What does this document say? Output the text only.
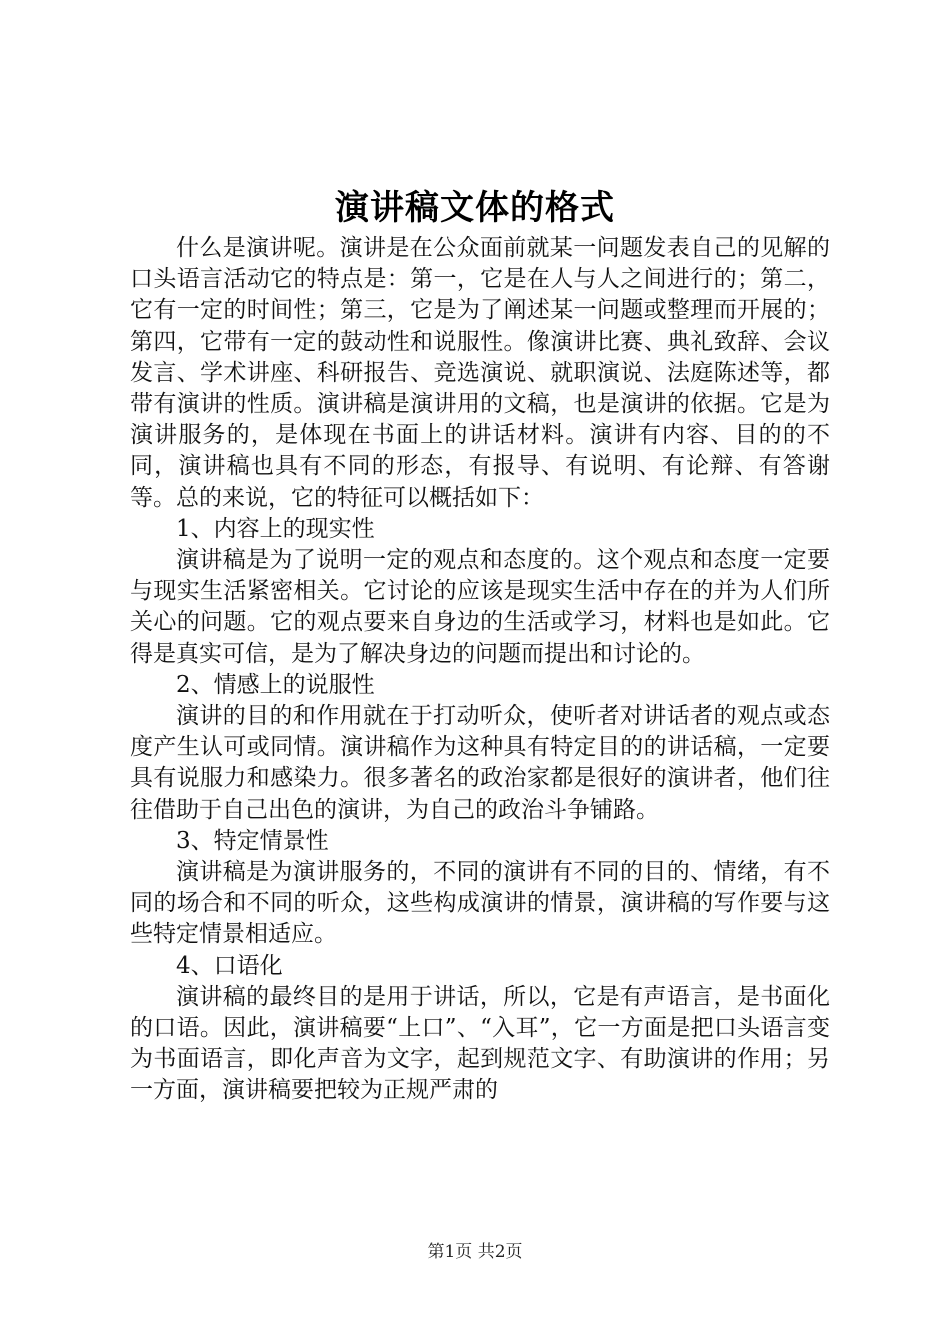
演讲稿文体的格式

什么是演讲呢。演讲是在公众面前就某一问题发表自己的见解的口头语言活动它的特点是：第一，它是在人与人之间进行的；第二，它有一定的时间性；第三，它是为了阐述某一问题或整理而开展的；第四，它带有一定的鼓动性和说服性。像演讲比赛、典礼致辞、会议发言、学术讲座、科研报告、竞选演说、就职演说、法庭陈述等，都带有演讲的性质。演讲稿是演讲用的文稿，也是演讲的依据。它是为演讲服务的，是体现在书面上的讲话材料。演讲有内容、目的的不同，演讲稿也具有不同的形态，有报导、有说明、有论辩、有答谢等。总的来说，它的特征可以概括如下：

1、内容上的现实性

演讲稿是为了说明一定的观点和态度的。这个观点和态度一定要与现实生活紧密相关。它讨论的应该是现实生活中存在的并为人们所关心的问题。它的观点要来自身边的生活或学习，材料也是如此。它得是真实可信，是为了解决身边的问题而提出和讨论的。

2、情感上的说服性

演讲的目的和作用就在于打动听众，使听者对讲话者的观点或态度产生认可或同情。演讲稿作为这种具有特定目的的讲话稿，一定要具有说服力和感染力。很多著名的政治家都是很好的演讲者，他们往往借助于自己出色的演讲，为自己的政治斗争铺路。

3、特定情景性

演讲稿是为演讲服务的，不同的演讲有不同的目的、情绪，有不同的场合和不同的听众，这些构成演讲的情景，演讲稿的写作要与这些特定情景相适应。

4、口语化

演讲稿的最终目的是用于讲话，所以，它是有声语言，是书面化的口语。因此，演讲稿要“上口”、“入耳”，它一方面是把口头语言变为书面语言，即化声音为文字，起到规范文字、有助演讲的作用；另一方面，演讲稿要把较为正规严肃的

第1页 共2页
